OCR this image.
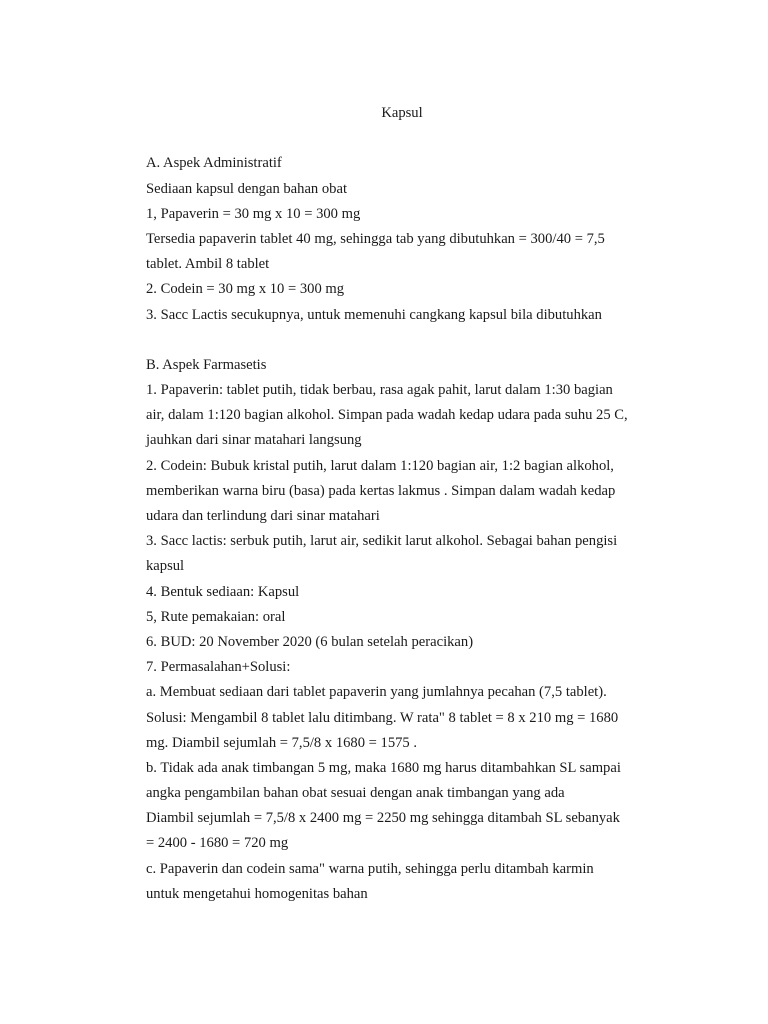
Kapsul
A. Aspek Administratif
Sediaan kapsul dengan bahan obat
1, Papaverin = 30 mg x 10 = 300 mg
Tersedia papaverin tablet 40 mg, sehingga tab yang dibutuhkan = 300/40 = 7,5
tablet. Ambil 8 tablet
2. Codein = 30 mg x 10 = 300 mg
3. Sacc Lactis secukupnya, untuk memenuhi cangkang kapsul bila dibutuhkan
B. Aspek Farmasetis
1. Papaverin: tablet putih, tidak berbau, rasa agak pahit, larut dalam 1:30 bagian
air, dalam 1:120 bagian alkohol. Simpan pada wadah kedap udara pada suhu 25 C,
jauhkan dari sinar matahari langsung
2. Codein: Bubuk kristal putih, larut dalam 1:120 bagian air, 1:2 bagian alkohol,
memberikan warna biru (basa) pada kertas lakmus . Simpan dalam wadah kedap
udara dan terlindung dari sinar matahari
3. Sacc lactis: serbuk putih, larut air, sedikit larut alkohol. Sebagai bahan pengisi
kapsul
4. Bentuk sediaan: Kapsul
5, Rute pemakaian: oral
6. BUD: 20 November 2020 (6 bulan setelah peracikan)
7. Permasalahan+Solusi:
a. Membuat sediaan dari tablet papaverin yang jumlahnya pecahan (7,5 tablet).
Solusi: Mengambil 8 tablet lalu ditimbang. W rata" 8 tablet = 8 x 210 mg = 1680
mg. Diambil sejumlah = 7,5/8 x 1680 = 1575 .
b. Tidak ada anak timbangan 5 mg, maka 1680 mg harus ditambahkan SL sampai
angka pengambilan bahan obat sesuai dengan anak timbangan yang ada
Diambil sejumlah = 7,5/8 x 2400 mg = 2250 mg sehingga ditambah SL sebanyak
= 2400 - 1680 = 720 mg
c. Papaverin dan codein sama" warna putih, sehingga perlu ditambah karmin
untuk mengetahui homogenitas bahan
